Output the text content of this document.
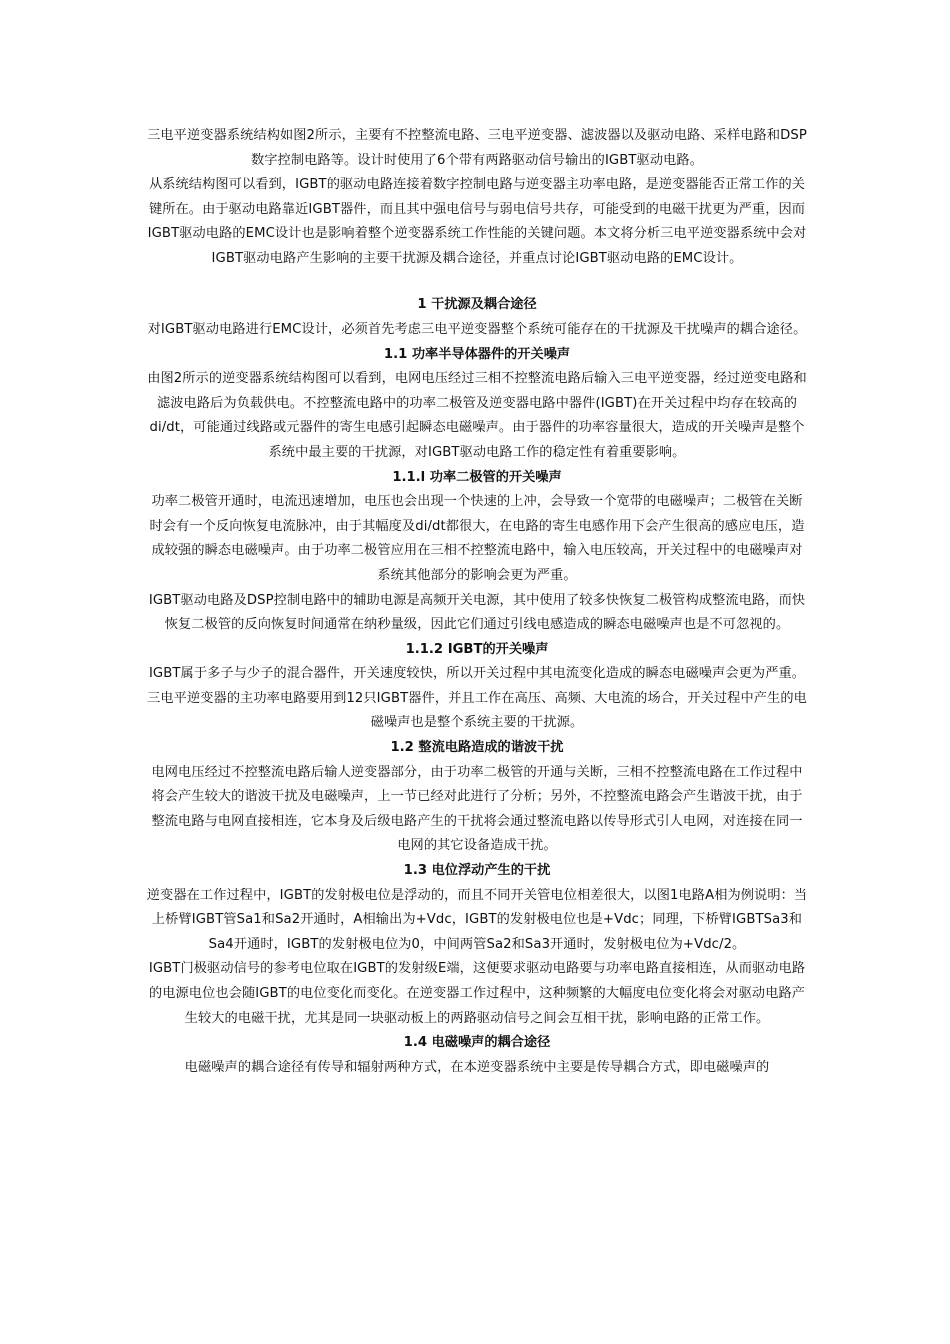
三电平逆变器系统结构如图2所示，主要有不控整流电路、三电平逆变器、滤波器以及驱动电路、采样电路和DSP数字控制电路等。设计时使用了6个带有两路驱动信号输出的IGBT驱动电路。

从系统结构图可以看到，IGBT的驱动电路连接着数字控制电路与逆变器主功率电路，是逆变器能否正常工作的关键所在。由于驱动电路靠近IGBT器件，而且其中强电信号与弱电信号共存，可能受到的电磁干扰更为严重，因而IGBT驱动电路的EMC设计也是影响着整个逆变器系统工作性能的关键问题。本文将分析三电平逆变器系统中会对IGBT驱动电路产生影响的主要干扰源及耦合途径，并重点讨论IGBT驱动电路的EMC设计。

1 干扰源及耦合途径

对IGBT驱动电路进行EMC设计，必须首先考虑三电平逆变器整个系统可能存在的干扰源及干扰噪声的耦合途径。

1.1 功率半导体器件的开关噪声

由图2所示的逆变器系统结构图可以看到，电网电压经过三相不控整流电路后输入三电平逆变器，经过逆变电路和滤波电路后为负载供电。不控整流电路中的功率二极管及逆变器电路中器件(IGBT)在开关过程中均存在较高的di/dt，可能通过线路或元器件的寄生电感引起瞬态电磁噪声。由于器件的功率容量很大，造成的开关噪声是整个系统中最主要的干扰源，对IGBT驱动电路工作的稳定性有着重要影响。

1.1.l 功率二极管的开关噪声

功率二极管开通时，电流迅速增加，电压也会出现一个快速的上冲，会导致一个宽带的电磁噪声；二极管在关断时会有一个反向恢复电流脉冲，由于其幅度及di/dt都很大，在电路的寄生电感作用下会产生很高的感应电压，造成较强的瞬态电磁噪声。由于功率二极管应用在三相不控整流电路中，输入电压较高，开关过程中的电磁噪声对系统其他部分的影响会更为严重。

IGBT驱动电路及DSP控制电路中的辅助电源是高频开关电源，其中使用了较多快恢复二极管构成整流电路，而快恢复二极管的反向恢复时间通常在纳秒量级，因此它们通过引线电感造成的瞬态电磁噪声也是不可忽视的。

1.1.2 IGBT的开关噪声

IGBT属于多子与少子的混合器件，开关速度较快，所以开关过程中其电流变化造成的瞬态电磁噪声会更为严重。三电平逆变器的主功率电路要用到12只IGBT器件，并且工作在高压、高频、大电流的场合，开关过程中产生的电磁噪声也是整个系统主要的干扰源。

1.2 整流电路造成的谐波干扰

电网电压经过不控整流电路后输人逆变器部分，由于功率二极管的开通与关断，三相不控整流电路在工作过程中将会产生较大的谐波干扰及电磁噪声，上一节已经对此进行了分析；另外，不控整流电路会产生谐波干扰，由于整流电路与电网直接相连，它本身及后级电路产生的干扰将会通过整流电路以传导形式引人电网，对连接在同一电网的其它设备造成干扰。

1.3 电位浮动产生的干扰

逆变器在工作过程中，IGBT的发射极电位是浮动的，而且不同开关管电位相差很大，以图1电路A相为例说明：当上桥臂IGBT管Sa1和Sa2开通时，A相输出为+Vdc，IGBT的发射极电位也是+Vdc；同理，下桥臂IGBTSa3和Sa4开通时，IGBT的发射极电位为0，中间两管Sa2和Sa3开通时，发射极电位为+Vdc/2。

IGBT门极驱动信号的参考电位取在IGBT的发射级E端，这便要求驱动电路要与功率电路直接相连，从而驱动电路的电源电位也会随IGBT的电位变化而变化。在逆变器工作过程中，这种频繁的大幅度电位变化将会对驱动电路产生较大的电磁干扰，尤其是同一块驱动板上的两路驱动信号之间会互相干扰，影响电路的正常工作。

1.4 电磁噪声的耦合途径

电磁噪声的耦合途径有传导和辐射两种方式，在本逆变器系统中主要是传导耦合方式，即电磁噪声的
